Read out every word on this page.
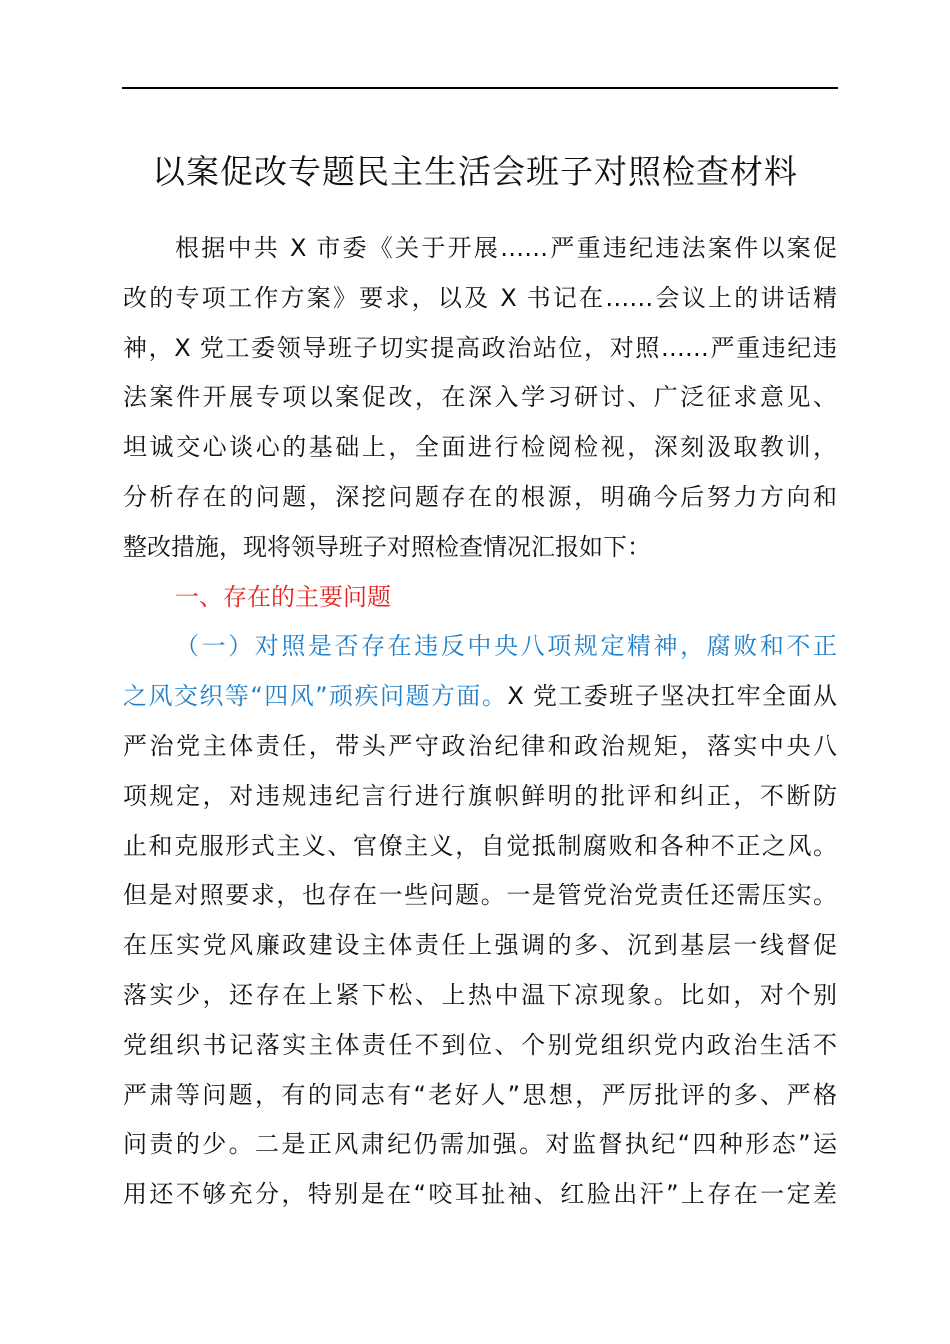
以案促改专题民主生活会班子对照检查材料
根据中共 X 市委《关于开展……严重违纪违法案件以案促
改的专项工作方案》要求，以及 X 书记在……会议上的讲话精
神，X 党工委领导班子切实提高政治站位，对照……严重违纪违
法案件开展专项以案促改，在深入学习研讨、广泛征求意见、
坦诚交心谈心的基础上，全面进行检阅检视，深刻汲取教训，
分析存在的问题，深挖问题存在的根源，明确今后努力方向和
整改措施，现将领导班子对照检查情况汇报如下：
一、存在的主要问题
（一）对照是否存在违反中央八项规定精神，腐败和不正
之风交织等“四风”顽疾问题方面。X 党工委班子坚决扛牢全面从
严治党主体责任，带头严守政治纪律和政治规矩，落实中央八
项规定，对违规违纪言行进行旗帜鲜明的批评和纠正，不断防
止和克服形式主义、官僚主义，自觉抵制腐败和各种不正之风。
但是对照要求，也存在一些问题。一是管党治党责任还需压实。
在压实党风廉政建设主体责任上强调的多、沉到基层一线督促
落实少，还存在上紧下松、上热中温下凉现象。比如，对个别
党组织书记落实主体责任不到位、个别党组织党内政治生活不
严肃等问题，有的同志有“老好人”思想，严厉批评的多、严格
问责的少。二是正风肃纪仍需加强。对监督执纪“四种形态”运
用还不够充分，特别是在“咬耳扯袖、红脸出汗”上存在一定差
